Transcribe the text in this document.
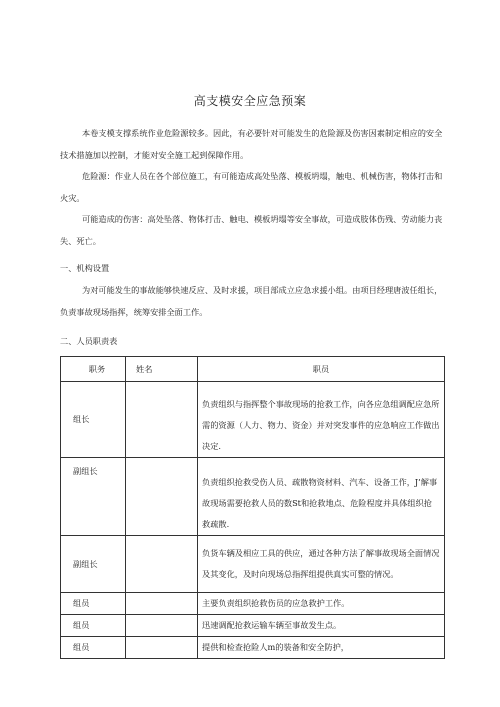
高支模安全应急预案
本卷支模支撑系统作业危险源较多。因此，有必要针对可能发生的危险源及伤害因素制定相应的安全技术措施加以控制，才能对安全施工起到保障作用。
危险源：作业人员在各个部位施工，有可能造成高处坠落、模板坍塌，触电、机械伤害，物体打击和火灾。
可能造成的伤害：高处坠落、物体打击、触电、模板坍塌等安全事故，可造成肢体伤残、劳动能力丧失、死亡。
一、机构设置
为对可能发生的事故能够快速反应、及时求援，项目部成立应急求援小组。由项目经理唐波任组长，负责事故现场指挥，统筹安排全面工作。
二、人员职责表
职务	姓名	职员
组长		负责组织与指挥整个事故现场的抢救工作，向各应急组调配应急所需的资源（人力、物力、资金）并对突发事件的应急响应工作做出决定.
副组长		负责组织抢救受伤人员、疏散物资材料、汽车、设备工作，J’解事故现场需要抢救人员的数St和抢救地点、危险程度并具体组织抢救疏散.
副组长		负货车辆及相应工具的供应，通过各种方法了解事故现场全面情况及其变化，及时向现场总指挥组提供真实可整的情况。
组员		主要负责组织抢救伤员的应急救护工作。
组员		迅速调配抢救运输车辆至事故发生点。
组员		提供和检查抢险人m的装备和安全防护，
